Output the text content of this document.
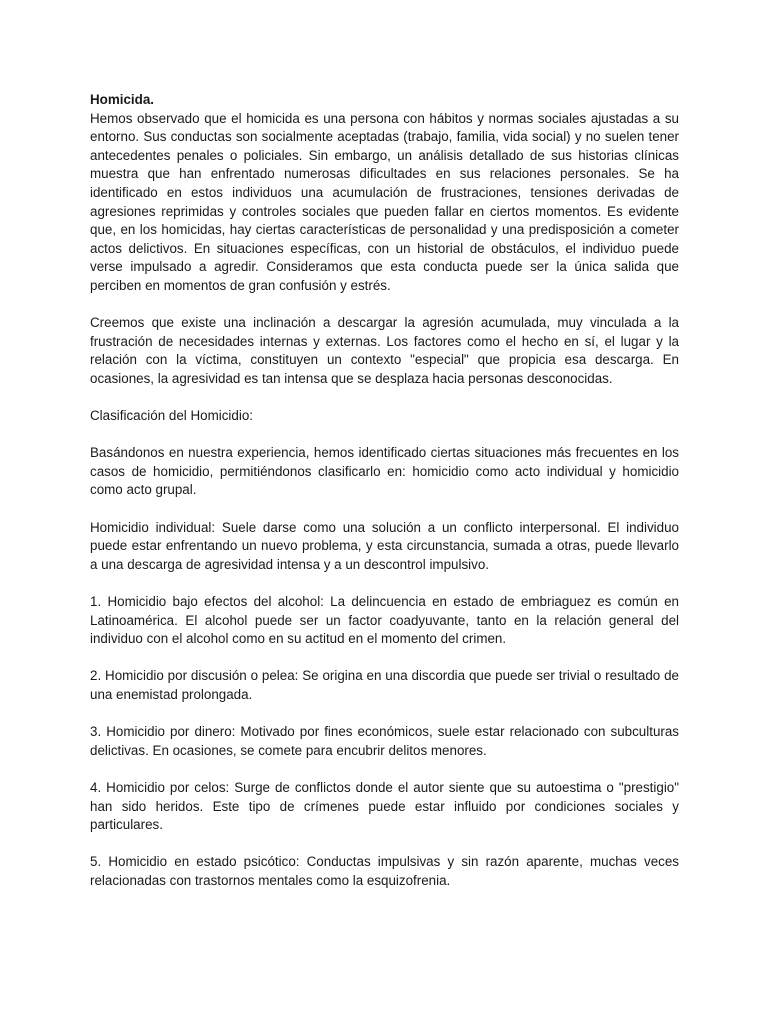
Homicida.

Hemos observado que el homicida es una persona con hábitos y normas sociales ajustadas a su entorno. Sus conductas son socialmente aceptadas (trabajo, familia, vida social) y no suelen tener antecedentes penales o policiales. Sin embargo, un análisis detallado de sus historias clínicas muestra que han enfrentado numerosas dificultades en sus relaciones personales. Se ha identificado en estos individuos una acumulación de frustraciones, tensiones derivadas de agresiones reprimidas y controles sociales que pueden fallar en ciertos momentos. Es evidente que, en los homicidas, hay ciertas características de personalidad y una predisposición a cometer actos delictivos. En situaciones específicas, con un historial de obstáculos, el individuo puede verse impulsado a agredir. Consideramos que esta conducta puede ser la única salida que perciben en momentos de gran confusión y estrés.

Creemos que existe una inclinación a descargar la agresión acumulada, muy vinculada a la frustración de necesidades internas y externas. Los factores como el hecho en sí, el lugar y la relación con la víctima, constituyen un contexto "especial" que propicia esa descarga. En ocasiones, la agresividad es tan intensa que se desplaza hacia personas desconocidas.

Clasificación del Homicidio:

Basándonos en nuestra experiencia, hemos identificado ciertas situaciones más frecuentes en los casos de homicidio, permitiéndonos clasificarlo en: homicidio como acto individual y homicidio como acto grupal.

Homicidio individual: Suele darse como una solución a un conflicto interpersonal. El individuo puede estar enfrentando un nuevo problema, y esta circunstancia, sumada a otras, puede llevarlo a una descarga de agresividad intensa y a un descontrol impulsivo.

1. Homicidio bajo efectos del alcohol: La delincuencia en estado de embriaguez es común en Latinoamérica. El alcohol puede ser un factor coadyuvante, tanto en la relación general del individuo con el alcohol como en su actitud en el momento del crimen.

2. Homicidio por discusión o pelea: Se origina en una discordia que puede ser trivial o resultado de una enemistad prolongada.

3. Homicidio por dinero: Motivado por fines económicos, suele estar relacionado con subculturas delictivas. En ocasiones, se comete para encubrir delitos menores.

4. Homicidio por celos: Surge de conflictos donde el autor siente que su autoestima o "prestigio" han sido heridos. Este tipo de crímenes puede estar influido por condiciones sociales y particulares.

5. Homicidio en estado psicótico: Conductas impulsivas y sin razón aparente, muchas veces relacionadas con trastornos mentales como la esquizofrenia.
